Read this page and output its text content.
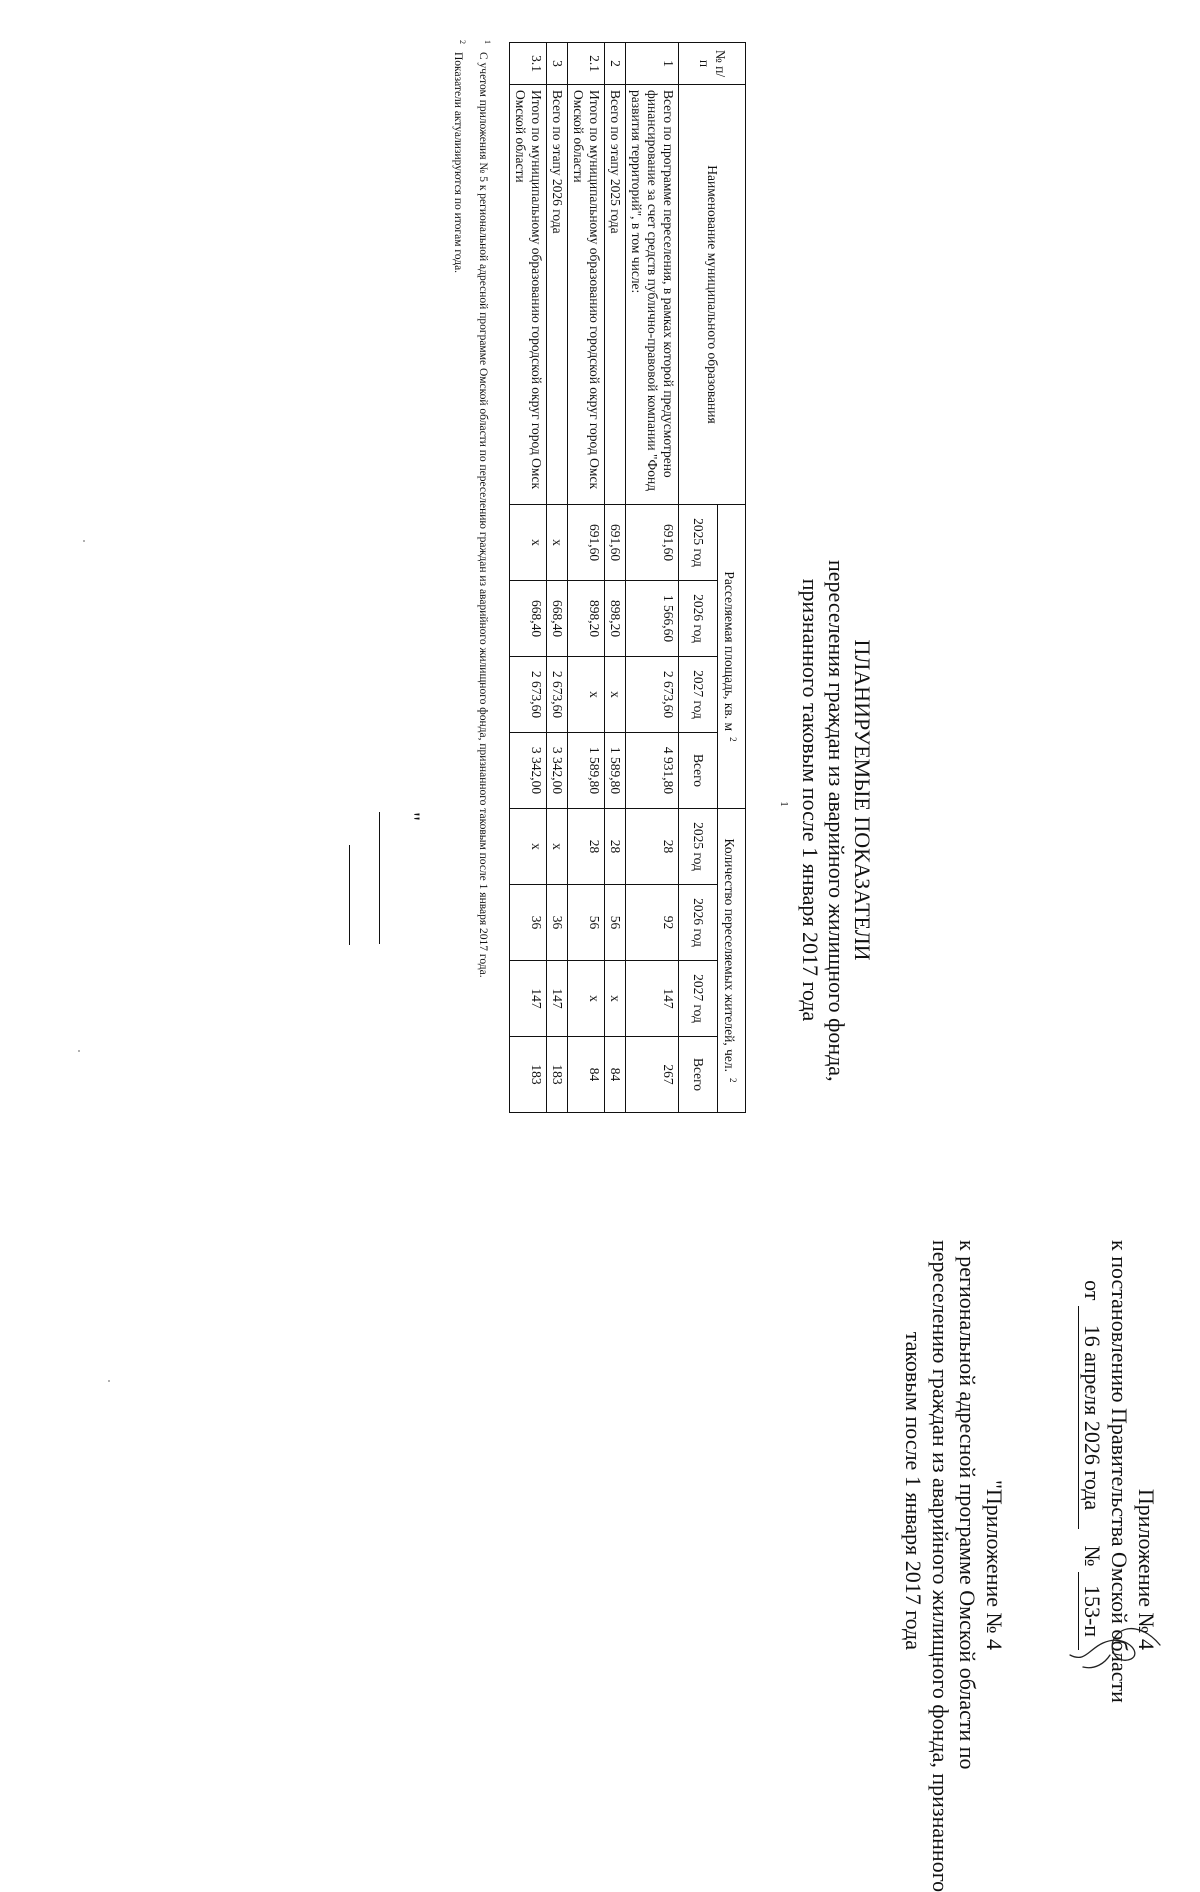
Приложение № 4
к постановлению Правительства Омской области
от 16 апреля 2026 года   № 153-п
"Приложение № 4
к региональной адресной программе Омской области по
переселению граждан из аварийного жилищного фонда, признанного
таковым после 1 января 2017 года
ПЛАНИРУЕМЫЕ ПОКАЗАТЕЛИ
переселения граждан из аварийного жилищного фонда,
признанного таковым после 1 января 2017 года
$^1$
№ п/п	Наименование муниципального образования	Расселяемая площадь, кв. $м^2$				Количество переселяемых жителей, чел.$^2$
		2025 год	2026 год	2027 год	Всего	2025 год	2026 год	2027 год	Всего
1	Всего по программе переселения, в рамках которой предусмотрено финансирование за счет средств публично-правовой компании "Фонд развития территорий", в том числе:	691,60	1 566,60	2 673,60	4 931,80	28	92	147	267
2	Всего по этапу 2025 года	691,60	898,20	x	1 589,80	28	56	x	84
2.1	Итого по муниципальному образованию городской округ город Омск Омской области	691,60	898,20	x	1 589,80	28	56	x	84
3	Всего по этапу 2026 года	x	668,40	2 673,60	3 342,00	x	36	147	183
3.1	Итого по муниципальному образованию городской округ город Омск Омской области	x	668,40	2 673,60	3 342,00	x	36	147	183
"
$^1$С учетом приложения № 5 к региональной адресной программе Омской области по переселению граждан из аварийного жилищного фонда, признанного таковым после 1 января 2017 года.
$^2$Показатели актуализируются по итогам года.
